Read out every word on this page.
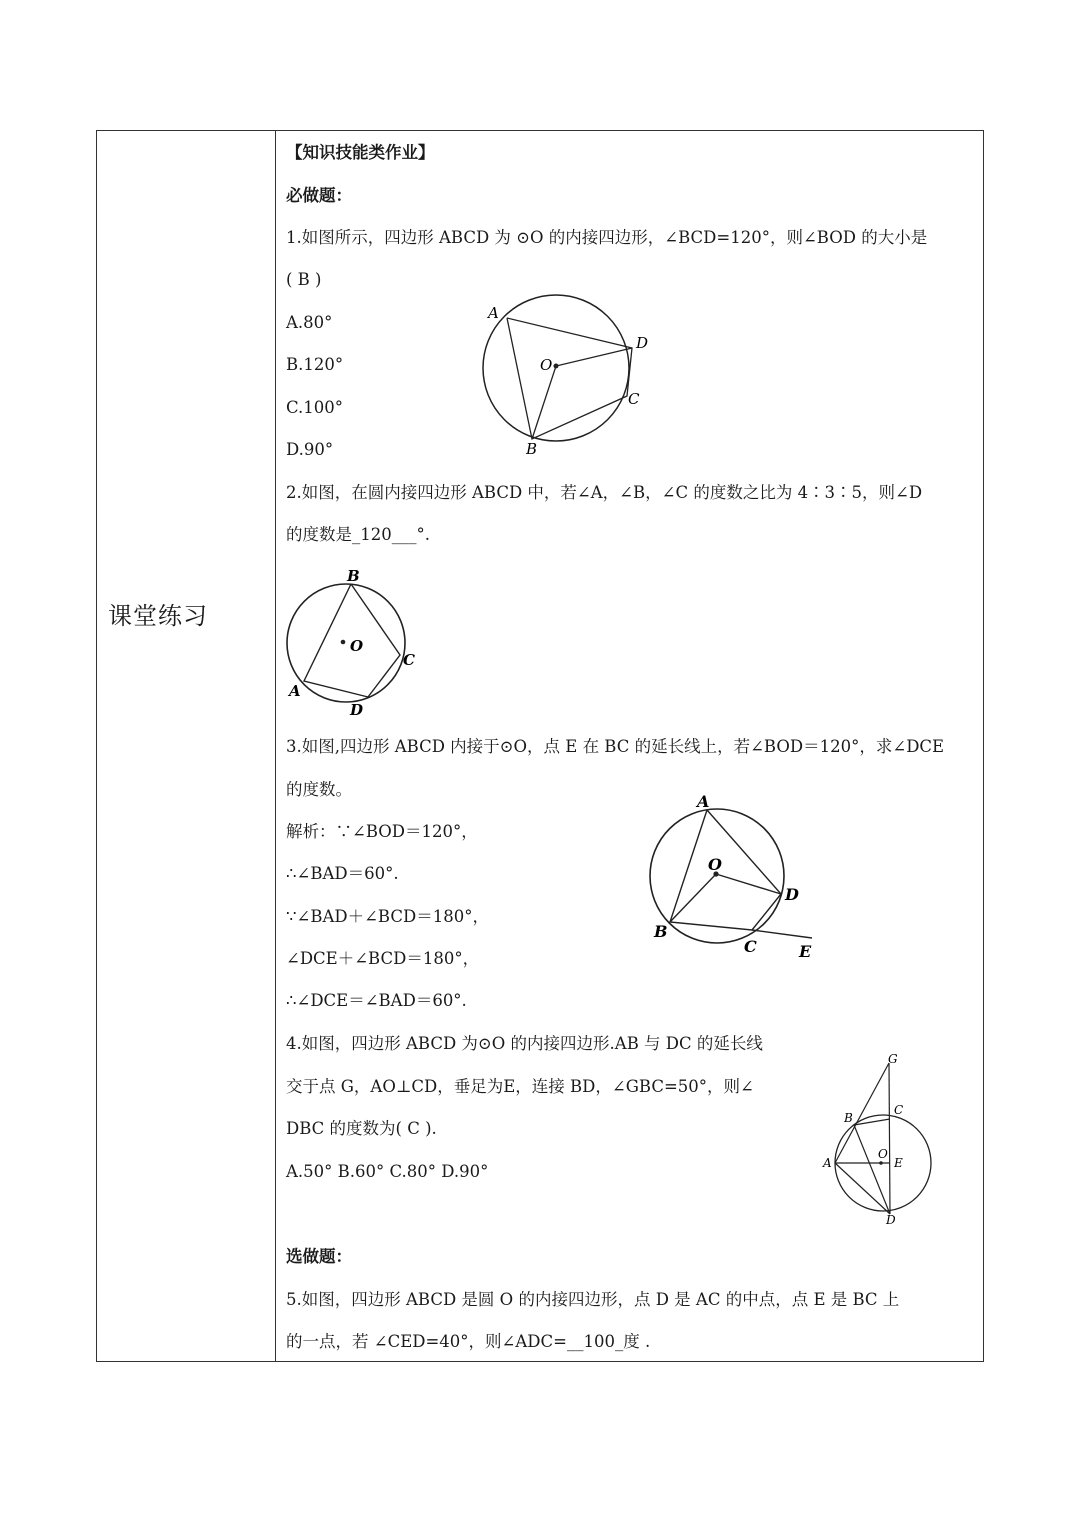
课堂练习
【知识技能类作业】
必做题：
1.如图所示，四边形 ABCD 为 ⊙O 的内接四边形，∠BCD=120°，则∠BOD 的大小是
( B )
A.80°
B.120°
C.100°
D.90°
A
D
O
C
B
2.如图，在圆内接四边形 ABCD 中，若∠A，∠B，∠C 的度数之比为 4∶3∶5，则∠D
的度数是_120___°.
B
O
C
A
D
3.如图,四边形 ABCD 内接于⊙O，点 E 在 BC 的延长线上，若∠BOD＝120°，求∠DCE
的度数。
解析：∵∠BOD＝120°，
∴∠BAD＝60°.
∵∠BAD＋∠BCD＝180°，
∠DCE＋∠BCD＝180°，
∴∠DCE＝∠BAD＝60°.
A
O
D
B
C	E
4.如图，四边形 ABCD 为⊙O 的内接四边形.AB 与 DC 的延长线
交于点 G，AO⊥CD，垂足为E，连接 BD，∠GBC=50°，则∠
DBC 的度数为( C ).
A.50° B.60° C.80° D.90°
G
B
C
A
O
E
D
选做题：
5.如图，四边形 ABCD 是圆 O 的内接四边形，点 D 是 AC 的中点，点 E 是 BC 上
的一点，若 ∠CED=40°，则∠ADC=__100_度 .
